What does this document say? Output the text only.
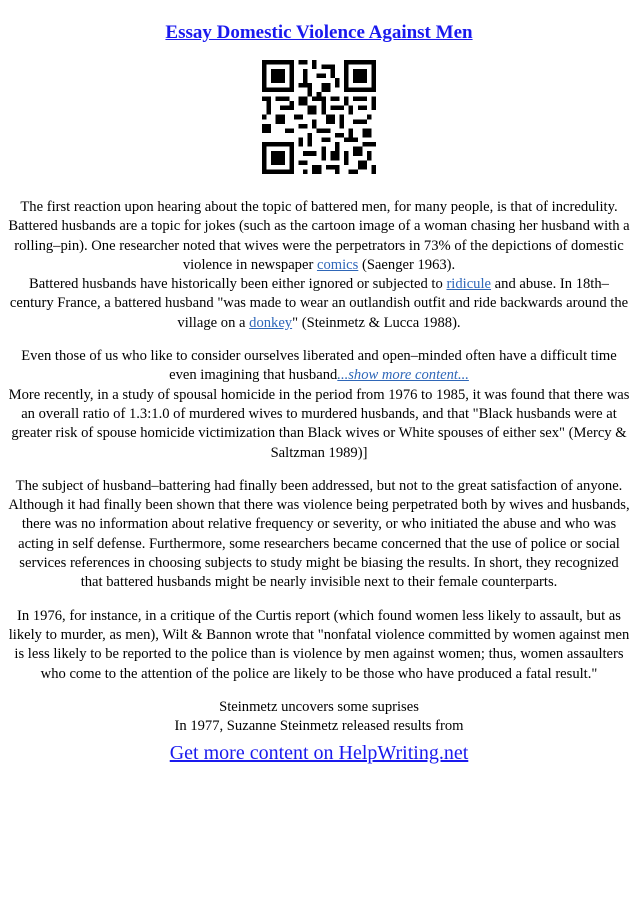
Essay Domestic Violence Against Men

The first reaction upon hearing about the topic of battered men, for many people, is that of incredulity. Battered husbands are a topic for jokes (such as the cartoon image of a woman chasing her husband with a rolling–pin). One researcher noted that wives were the perpetrators in 73% of the depictions of domestic violence in newspaper comics (Saenger 1963).

Battered husbands have historically been either ignored or subjected to ridicule and abuse. In 18th–century France, a battered husband "was made to wear an outlandish outfit and ride backwards around the village on a donkey" (Steinmetz & Lucca 1988).

Even those of us who like to consider ourselves liberated and open–minded often have a difficult time even imagining that husband...show more content...

More recently, in a study of spousal homicide in the period from 1976 to 1985, it was found that there was an overall ratio of 1.3:1.0 of murdered wives to murdered husbands, and that "Black husbands were at greater risk of spouse homicide victimization than Black wives or White spouses of either sex" (Mercy & Saltzman 1989)]

The subject of husband–battering had finally been addressed, but not to the great satisfaction of anyone. Although it had finally been shown that there was violence being perpetrated both by wives and husbands, there was no information about relative frequency or severity, or who initiated the abuse and who was acting in self defense. Furthermore, some researchers became concerned that the use of police or social services references in choosing subjects to study might be biasing the results. In short, they recognized that battered husbands might be nearly invisible next to their female counterparts.

In 1976, for instance, in a critique of the Curtis report (which found women less likely to assault, but as likely to murder, as men), Wilt & Bannon wrote that "nonfatal violence committed by women against men is less likely to be reported to the police than is violence by men against women; thus, women assaulters who come to the attention of the police are likely to be those who have produced a fatal result."

Steinmetz uncovers some suprises

In 1977, Suzanne Steinmetz released results from

Get more content on HelpWriting.net
